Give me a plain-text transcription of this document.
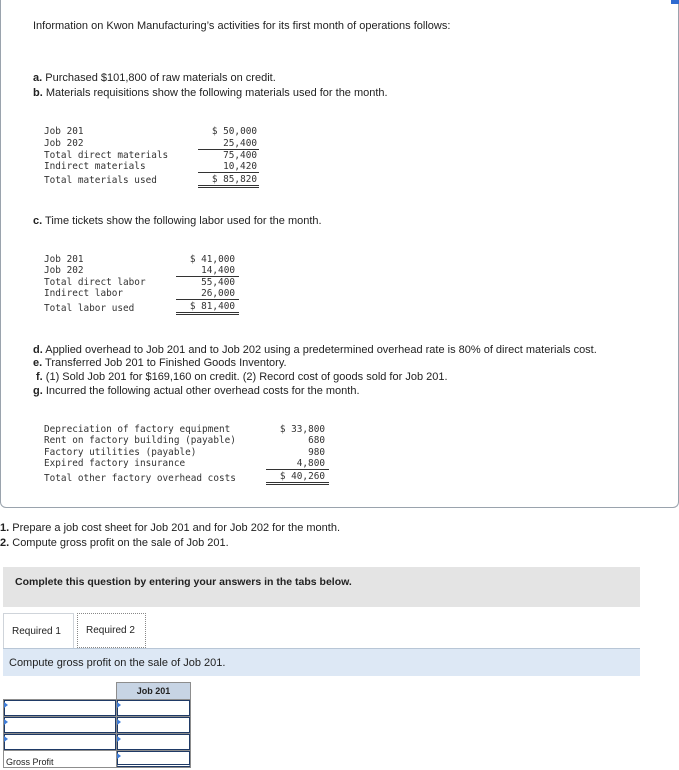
Information on Kwon Manufacturing’s activities for its first month of operations follows:
a. Purchased $101,800 of raw materials on credit.
b. Materials requisitions show the following materials used for the month.
Job 201	$ 50,000
Job 202	25,400
Total direct materials	75,400
Indirect materials	10,420
Total materials used	$ 85,820
c. Time tickets show the following labor used for the month.
Job 201	$ 41,000
Job 202	14,400
Total direct labor	55,400
Indirect labor	26,000
Total labor used	$ 81,400
d. Applied overhead to Job 201 and to Job 202 using a predetermined overhead rate is 80% of direct materials cost.
e. Transferred Job 201 to Finished Goods Inventory.
f. (1) Sold Job 201 for $169,160 on credit. (2) Record cost of goods sold for Job 201.
g. Incurred the following actual other overhead costs for the month.
Depreciation of factory equipment	$ 33,800
Rent on factory building (payable)	680
Factory utilities (payable)	980
Expired factory insurance	4,800
Total other factory overhead costs	$ 40,260
1. Prepare a job cost sheet for Job 201 and for Job 202 for the month.
2. Compute gross profit on the sale of Job 201.
Complete this question by entering your answers in the tabs below.
Required 1	Required 2
Compute gross profit on the sale of Job 201.
	Job 201

Gross Profit	
